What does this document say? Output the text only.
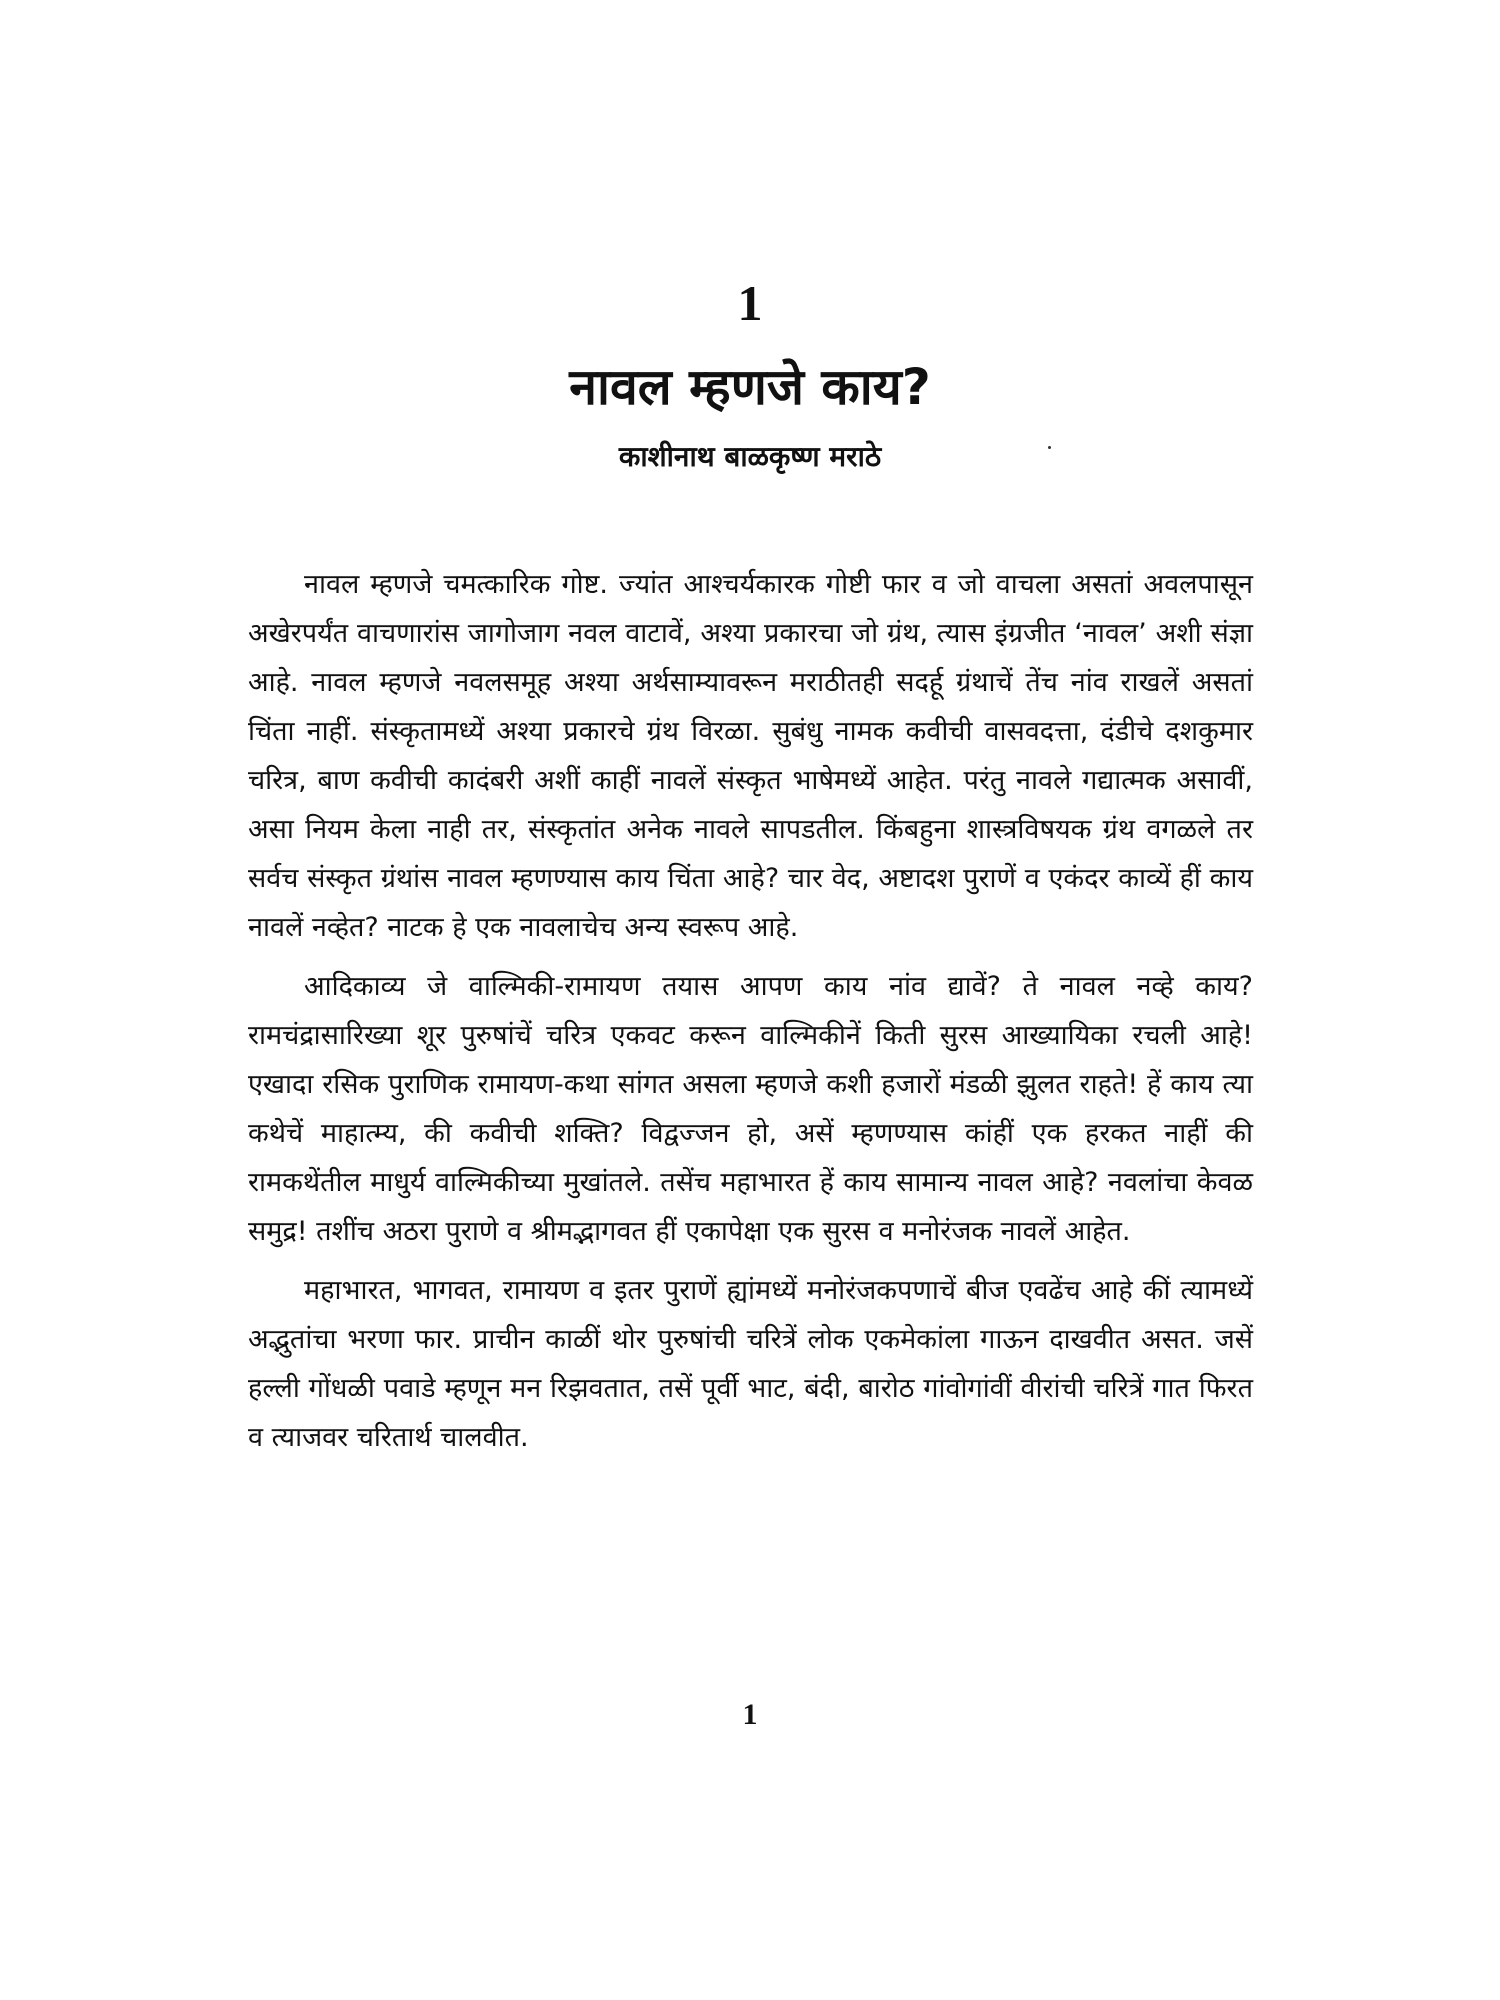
1
नावल म्हणजे काय?
काशीनाथ बाळकृष्ण मराठे

नावल म्हणजे चमत्कारिक गोष्ट. ज्यांत आश्चर्यकारक गोष्टी फार व जो वाचला असतां अवलपासून अखेरपर्यंत वाचणारांस जागोजाग नवल वाटावें, अश्या प्रकारचा जो ग्रंथ, त्यास इंग्रजीत ‘नावल’ अशी संज्ञा आहे. नावल म्हणजे नवलसमूह अश्या अर्थसाम्यावरून मराठीतही सदर्हू ग्रंथाचें तेंच नांव राखलें असतां चिंता नाहीं. संस्कृतामध्यें अश्या प्रकारचे ग्रंथ विरळा. सुबंधु नामक कवीची वासवदत्ता, दंडीचे दशकुमार चरित्र, बाण कवीची कादंबरी अशीं काहीं नावलें संस्कृत भाषेमध्यें आहेत. परंतु नावले गद्यात्मक असावीं, असा नियम केला नाही तर, संस्कृतांत अनेक नावले सापडतील. किंबहुना शास्त्रविषयक ग्रंथ वगळले तर सर्वच संस्कृत ग्रंथांस नावल म्हणण्यास काय चिंता आहे? चार वेद, अष्टादश पुराणें व एकंदर काव्यें हीं काय नावलें नव्हेत? नाटक हे एक नावलाचेच अन्य स्वरूप आहे.

आदिकाव्य जे वाल्मिकी-रामायण तयास आपण काय नांव द्यावें? ते नावल नव्हे काय? रामचंद्रासारिख्या शूर पुरुषांचें चरित्र एकवट करून वाल्मिकीनें किती सुरस आख्यायिका रचली आहे! एखादा रसिक पुराणिक रामायण-कथा सांगत असला म्हणजे कशी हजारों मंडळी झुलत राहते! हें काय त्या कथेचें माहात्म्य, की कवीची शक्ति? विद्वज्जन हो, असें म्हणण्यास कांहीं एक हरकत नाहीं की रामकथेंतील माधुर्य वाल्मिकीच्या मुखांतले. तसेंच महाभारत हें काय सामान्य नावल आहे? नवलांचा केवळ समुद्र! तशींच अठरा पुराणे व श्रीमद्भागवत हीं एकापेक्षा एक सुरस व मनोरंजक नावलें आहेत.

महाभारत, भागवत, रामायण व इतर पुराणें ह्यांमध्यें मनोरंजकपणाचें बीज एवढेंच आहे कीं त्यामध्यें अद्भुतांचा भरणा फार. प्राचीन काळीं थोर पुरुषांची चरित्रें लोक एकमेकांला गाऊन दाखवीत असत. जसें हल्ली गोंधळी पवाडे म्हणून मन रिझवतात, तसें पूर्वी भाट, बंदी, बारोठ गांवोगांवीं वीरांची चरित्रें गात फिरत व त्याजवर चरितार्थ चालवीत.

1
